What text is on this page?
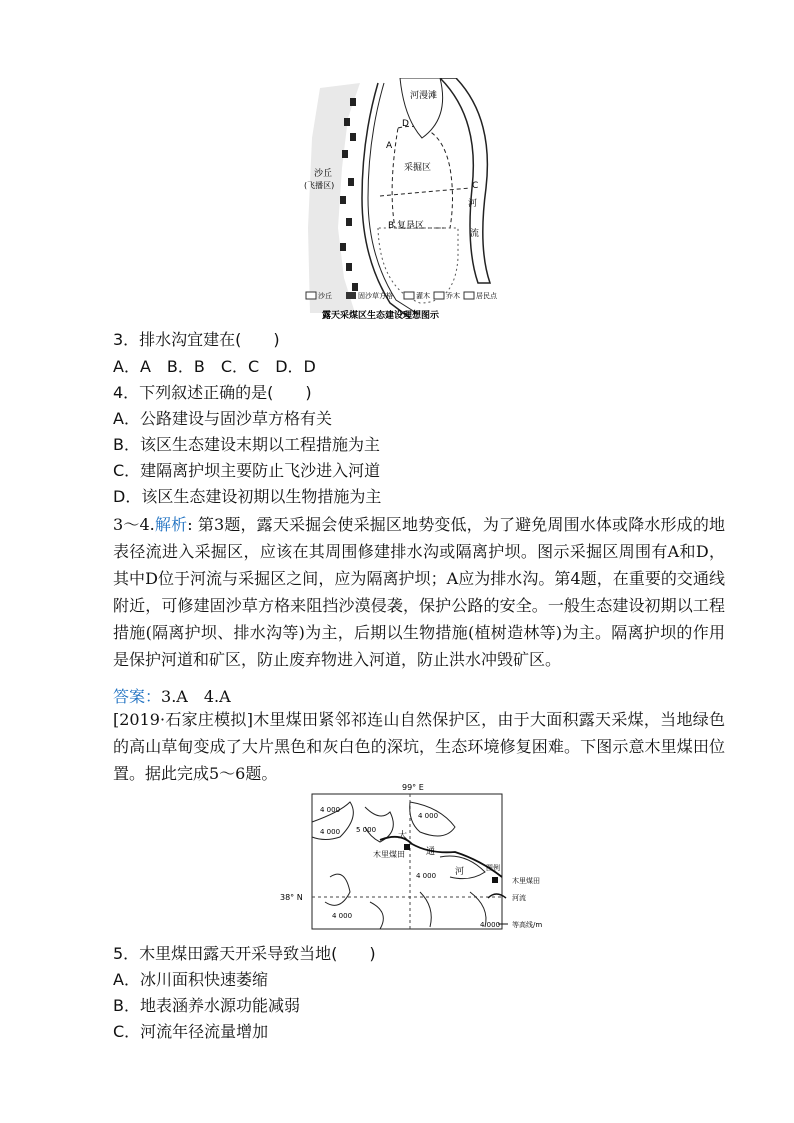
河漫滩
沙丘
(飞播区)
采掘区
B 复垦区
A
C
D
河
流
沙丘	固沙草方格	灌木 乔木 居民点
露天采煤区生态建设理想图示
3．排水沟宜建在(　　)
A．A　B．B　C．C　D．D
4．下列叙述正确的是(　　)
A．公路建设与固沙草方格有关
B．该区生态建设末期以工程措施为主
C．建隔离护坝主要防止飞沙进入河道
D．该区生态建设初期以生物措施为主
3～4.解析: 第3题，露天采掘会使采掘区地势变低，为了避免周围水体或降水形成的地表径流进入采掘区，应该在其周围修建排水沟或隔离护坝。图示采掘区周围有A和D，其中D位于河流与采掘区之间，应为隔离护坝；A应为排水沟。第4题，在重要的交通线附近，可修建固沙草方格来阻挡沙漠侵袭，保护公路的安全。一般生态建设初期以工程措施(隔离护坝、排水沟等)为主，后期以生物措施(植树造林等)为主。隔离护坝的作用是保护河道和矿区，防止废弃物进入河道，防止洪水冲毁矿区。
答案：3.A　4.A
[2019·石家庄模拟]木里煤田紧邻祁连山自然保护区，由于大面积露天采煤，当地绿色的高山草甸变成了大片黑色和灰白色的深坑，生态环境修复困难。下图示意木里煤田位置。据此完成5～6题。
99° E
38° N
4 000
4 000 5 000
4 000
4 000
4 000
木里煤田
大
通
河	图例
木里煤田
河流
4 000 等高线/m
5．木里煤田露天开采导致当地(　　)
A．冰川面积快速萎缩
B．地表涵养水源功能减弱
C．河流年径流量增加
